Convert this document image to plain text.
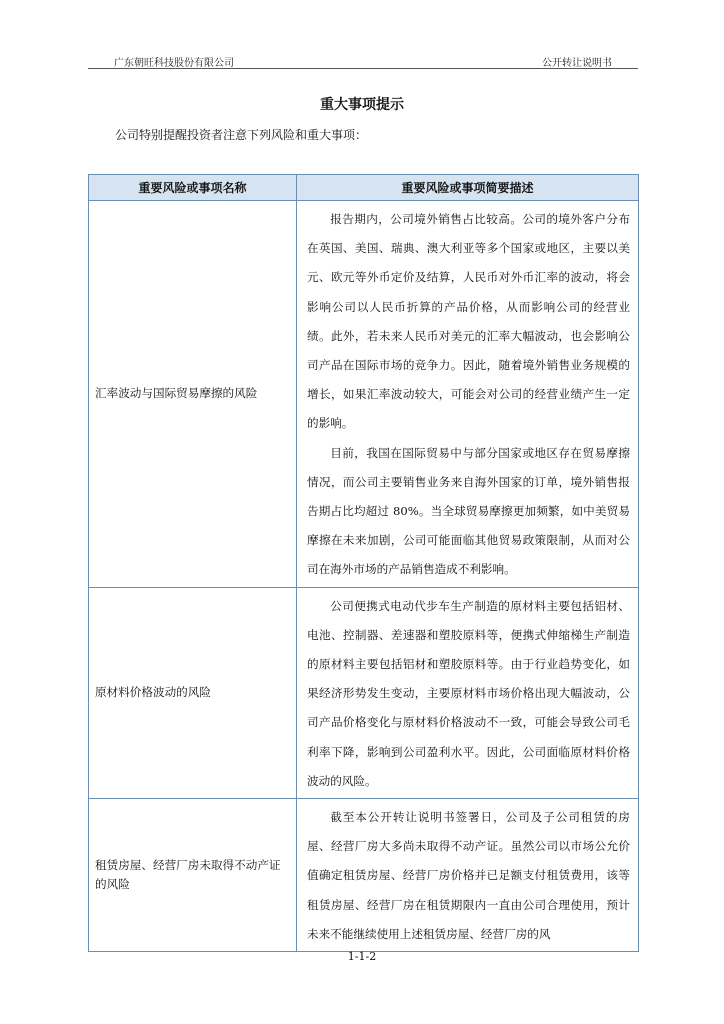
广东朝旺科技股份有限公司	公开转让说明书
重大事项提示
公司特别提醒投资者注意下列风险和重大事项：
重要风险或事项名称	重要风险或事项简要描述
汇率波动与国际贸易摩擦的风险	报告期内，公司境外销售占比较高。公司的境外客户分布在英国、美国、瑞典、澳大利亚等多个国家或地区，主要以美元、欧元等外币定价及结算，人民币对外币汇率的波动，将会影响公司以人民币折算的产品价格，从而影响公司的经营业绩。此外，若未来人民币对美元的汇率大幅波动，也会影响公司产品在国际市场的竞争力。因此，随着境外销售业务规模的增长，如果汇率波动较大，可能会对公司的经营业绩产生一定的影响。

目前，我国在国际贸易中与部分国家或地区存在贸易摩擦情况，而公司主要销售业务来自海外国家的订单，境外销售报告期占比均超过 80%。当全球贸易摩擦更加频繁，如中美贸易摩擦在未来加剧，公司可能面临其他贸易政策限制，从而对公司在海外市场的产品销售造成不利影响。

原材料价格波动的风险	公司便携式电动代步车生产制造的原材料主要包括铝材、电池、控制器、差速器和塑胶原料等，便携式伸缩梯生产制造的原材料主要包括铝材和塑胶原料等。由于行业趋势变化，如果经济形势发生变动，主要原材料市场价格出现大幅波动，公司产品价格变化与原材料价格波动不一致，可能会导致公司毛利率下降，影响到公司盈利水平。因此，公司面临原材料价格波动的风险。

租赁房屋、经营厂房未取得不动产证的风险	截至本公开转让说明书签署日，公司及子公司租赁的房屋、经营厂房大多尚未取得不动产证。虽然公司以市场公允价值确定租赁房屋、经营厂房价格并已足额支付租赁费用，该等租赁房屋、经营厂房在租赁期限内一直由公司合理使用，预计未来不能继续使用上述租赁房屋、经营厂房的风

1-1-2
